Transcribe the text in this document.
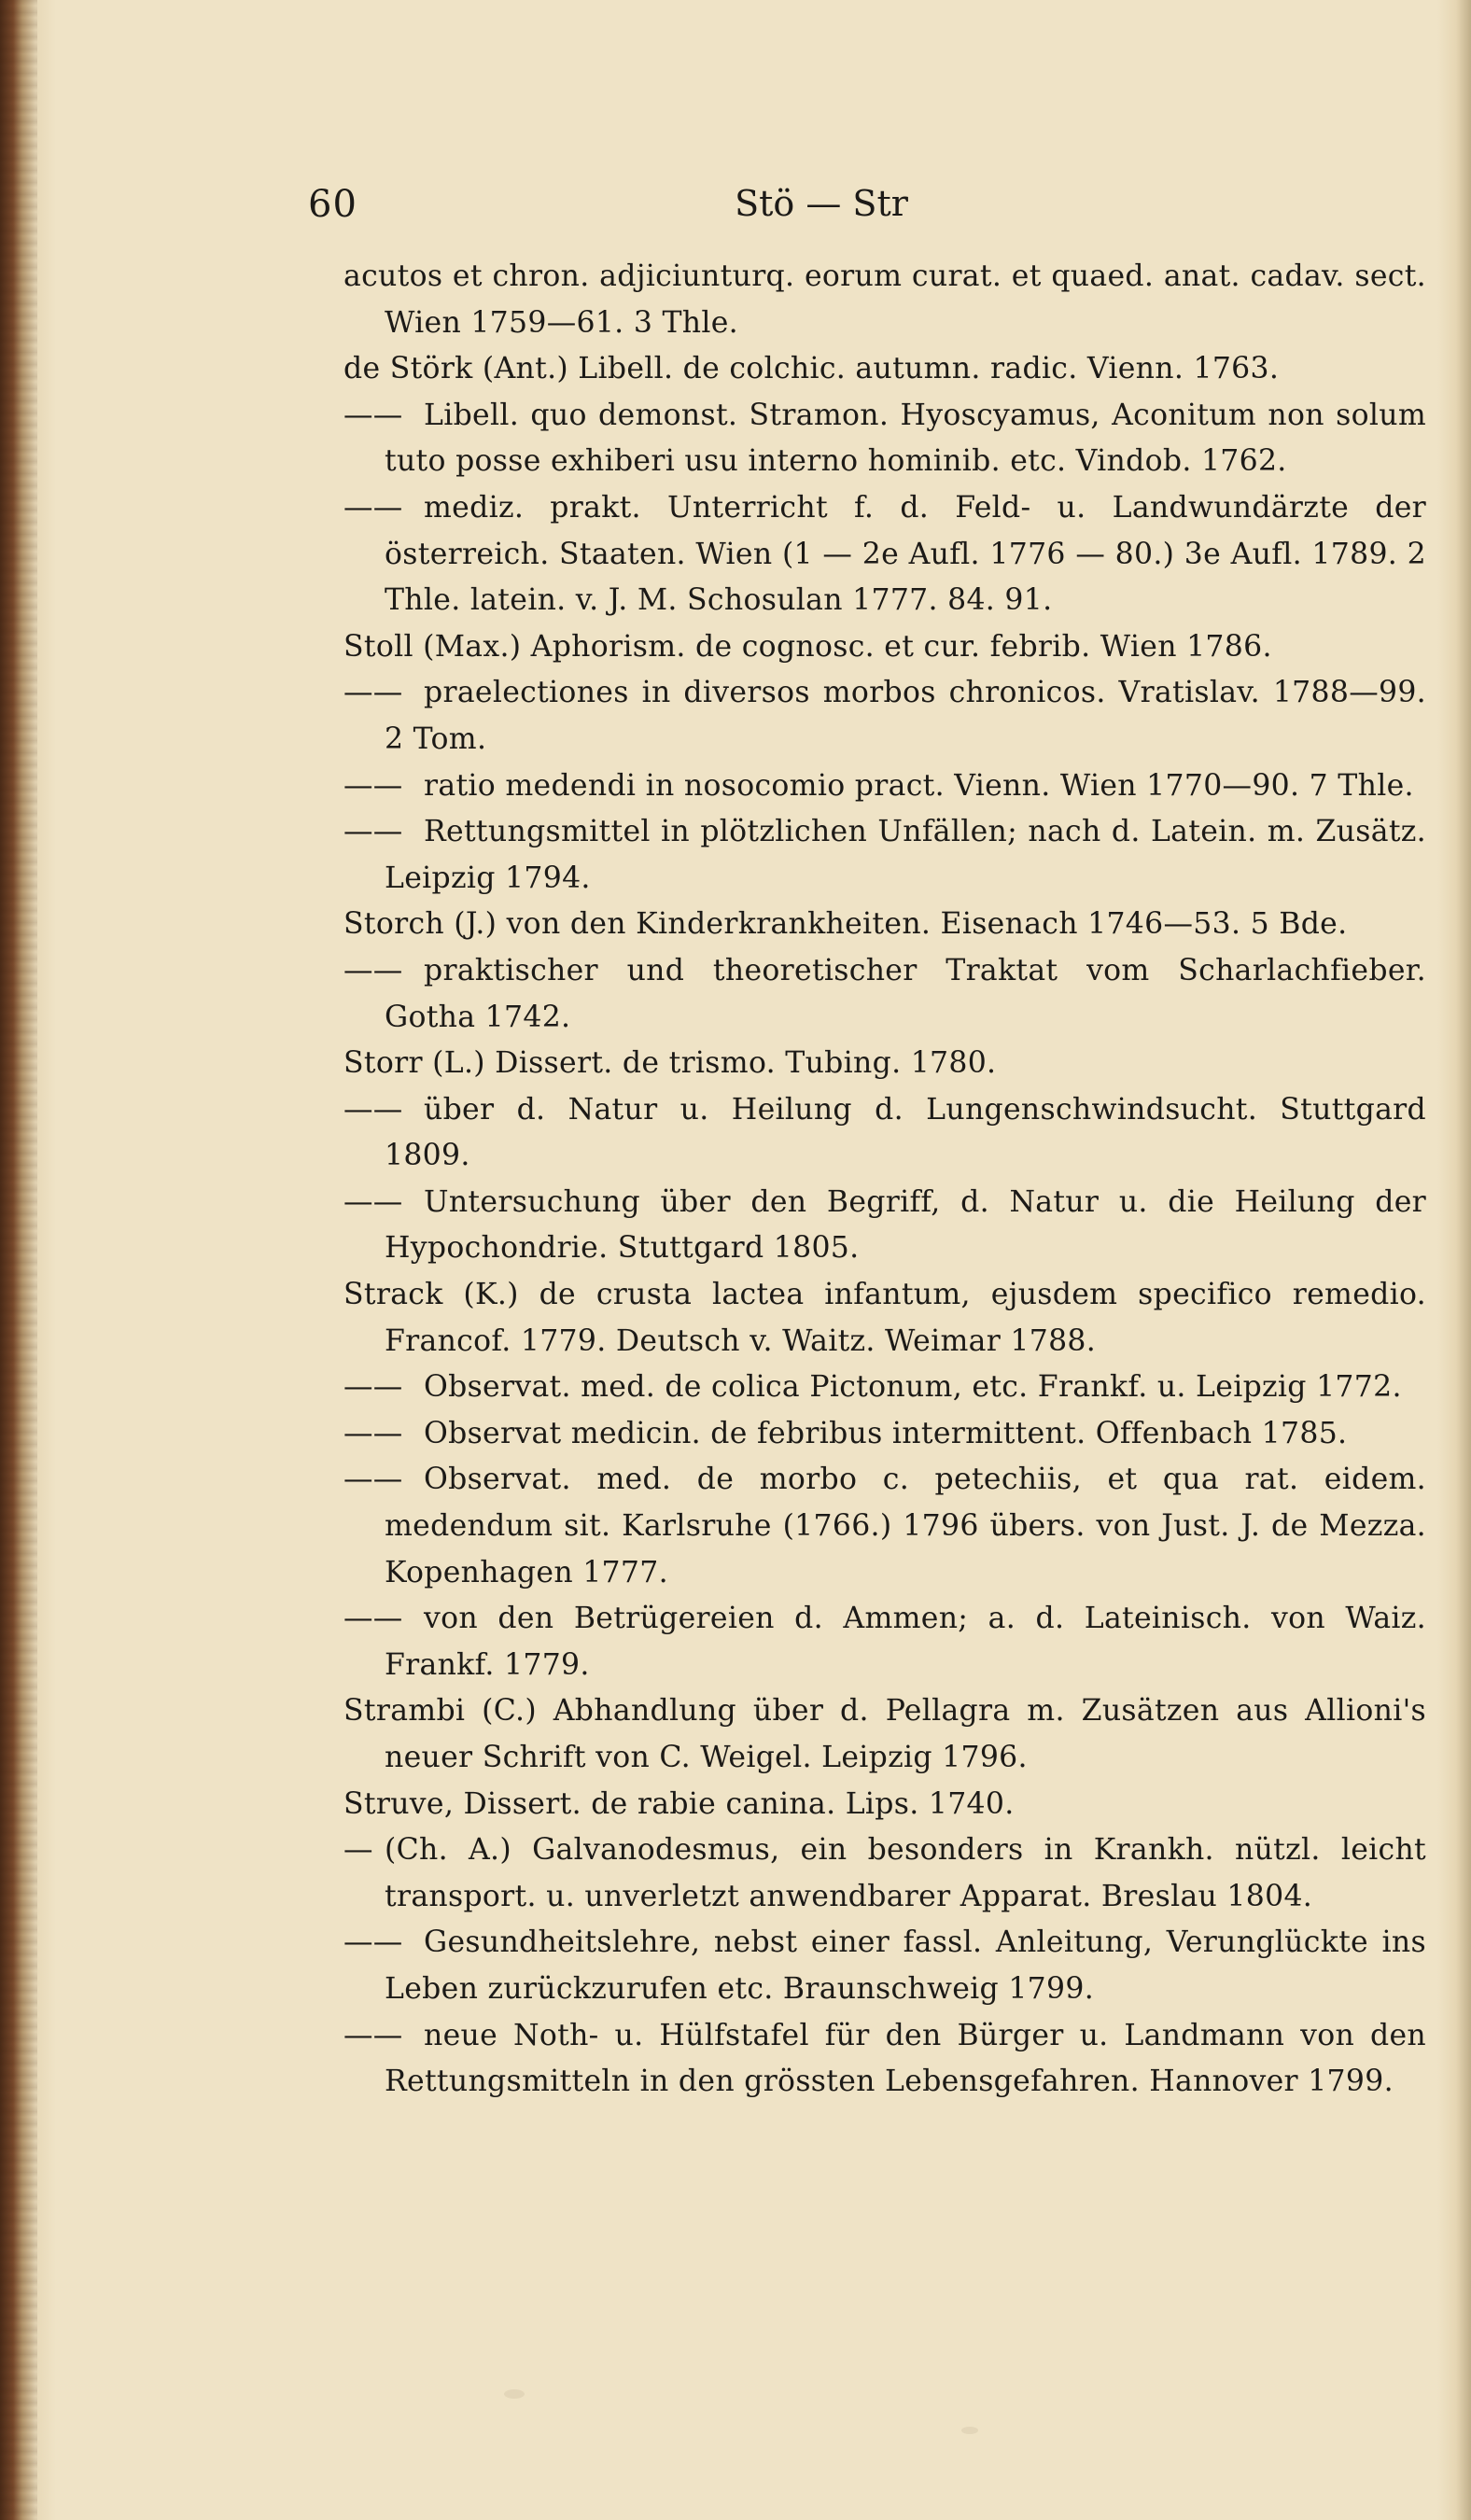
60	Stö — Str

acutos et chron. adjiciunturq. eorum curat. et quaed. anat. cadav. sect. Wien 1759—61. 3 Thle.

de Störk (Ant.) Libell. de colchic. autumn. radic. Vienn. 1763.

—— Libell. quo demonst. Stramon. Hyoscyamus, Aconitum non solum tuto posse exhiberi usu interno hominib. etc. Vindob. 1762.

—— mediz. prakt. Unterricht f. d. Feld- u. Landwundärzte der österreich. Staaten. Wien (1 — 2e Aufl. 1776 — 80.) 3e Aufl. 1789. 2 Thle. latein. v. J. M. Schosulan 1777. 84. 91.

Stoll (Max.) Aphorism. de cognosc. et cur. febrib. Wien 1786.

—— praelectiones in diversos morbos chronicos. Vratislav. 1788—99. 2 Tom.

—— ratio medendi in nosocomio pract. Vienn. Wien 1770—90. 7 Thle.

—— Rettungsmittel in plötzlichen Unfällen; nach d. Latein. m. Zusätz. Leipzig 1794.

Storch (J.) von den Kinderkrankheiten. Eisenach 1746—53. 5 Bde.

—— praktischer und theoretischer Traktat vom Scharlachfieber. Gotha 1742.

Storr (L.) Dissert. de trismo. Tubing. 1780.

—— über d. Natur u. Heilung d. Lungenschwindsucht. Stuttgard 1809.

—— Untersuchung über den Begriff, d. Natur u. die Heilung der Hypochondrie. Stuttgard 1805.

Strack (K.) de crusta lactea infantum, ejusdem specifico remedio. Francof. 1779. Deutsch v. Waitz. Weimar 1788.

—— Observat. med. de colica Pictonum, etc. Frankf. u. Leipzig 1772.

—— Observat medicin. de febribus intermittent. Offenbach 1785.

—— Observat. med. de morbo c. petechiis, et qua rat. eidem. medendum sit. Karlsruhe (1766.) 1796 übers. von Just. J. de Mezza. Kopenhagen 1777.

—— von den Betrügereien d. Ammen; a. d. Lateinisch. von Waiz. Frankf. 1779.

Strambi (C.) Abhandlung über d. Pellagra m. Zusätzen aus Allioni's neuer Schrift von C. Weigel. Leipzig 1796.

Struve, Dissert. de rabie canina. Lips. 1740.

— (Ch. A.) Galvanodesmus, ein besonders in Krankh. nützl. leicht transport. u. unverletzt anwendbarer Apparat. Breslau 1804.

—— Gesundheitslehre, nebst einer fassl. Anleitung, Verunglückte ins Leben zurückzurufen etc. Braunschweig 1799.

—— neue Noth- u. Hülfstafel für den Bürger u. Landmann von den Rettungsmitteln in den grössten Lebensgefahren. Hannover 1799.
